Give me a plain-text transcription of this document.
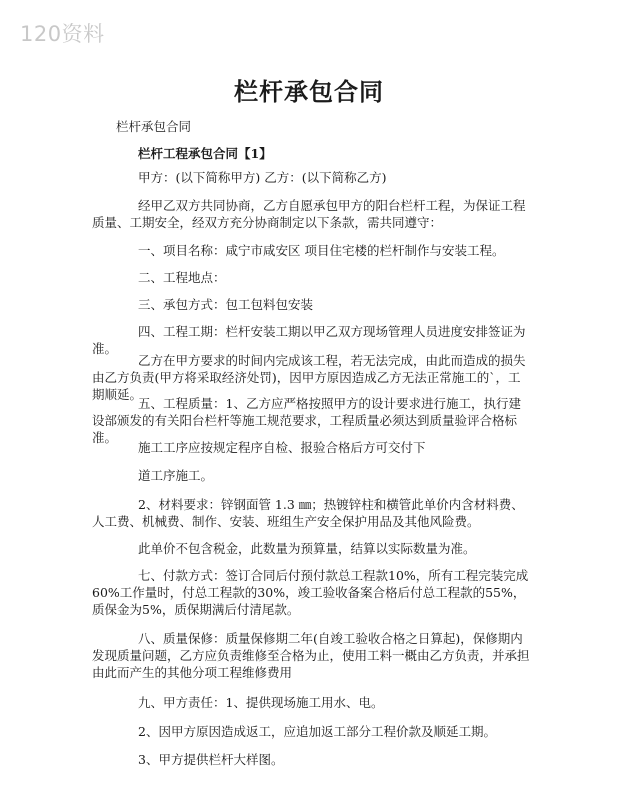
120资料
栏杆承包合同
栏杆承包合同
栏杆工程承包合同【1】

甲方：(以下简称甲方) 乙方：(以下简称乙方)

经甲乙双方共同协商，乙方自愿承包甲方的阳台栏杆工程，为保证工程质量、工期安全，经双方充分协商制定以下条款，需共同遵守：

一、项目名称：咸宁市咸安区 项目住宅楼的栏杆制作与安装工程。

二、工程地点：

三、承包方式：包工包料包安装

四、工程工期：栏杆安装工期以甲乙双方现场管理人员进度安排签证为准。

乙方在甲方要求的时间内完成该工程，若无法完成，由此而造成的损失由乙方负责(甲方将采取经济处罚)，因甲方原因造成乙方无法正常施工的`，工期顺延。

五、工程质量：1、乙方应严格按照甲方的设计要求进行施工，执行建设部颁发的有关阳台栏杆等施工规范要求，工程质量必须达到质量验评合格标准。

施工工序应按规定程序自检、报验合格后方可交付下

道工序施工。

2、材料要求：锌钢面管 1.3 ㎜；热镀锌柱和横管此单价内含材料费、人工费、机械费、制作、安装、班组生产安全保护用品及其他风险费。

此单价不包含税金，此数量为预算量，结算以实际数量为准。

七、付款方式：签订合同后付预付款总工程款10%，所有工程完装完成60%工作量时，付总工程款的30%，竣工验收备案合格后付总工程款的55%，质保金为5%，质保期满后付清尾款。

八、质量保修：质量保修期二年(自竣工验收合格之日算起)，保修期内发现质量问题，乙方应负责维修至合格为止，使用工料一概由乙方负责，并承担由此而产生的其他分项工程维修费用

九、甲方责任：1、提供现场施工用水、电。

2、因甲方原因造成返工，应追加返工部分工程价款及顺延工期。

3、甲方提供栏杆大样图。
